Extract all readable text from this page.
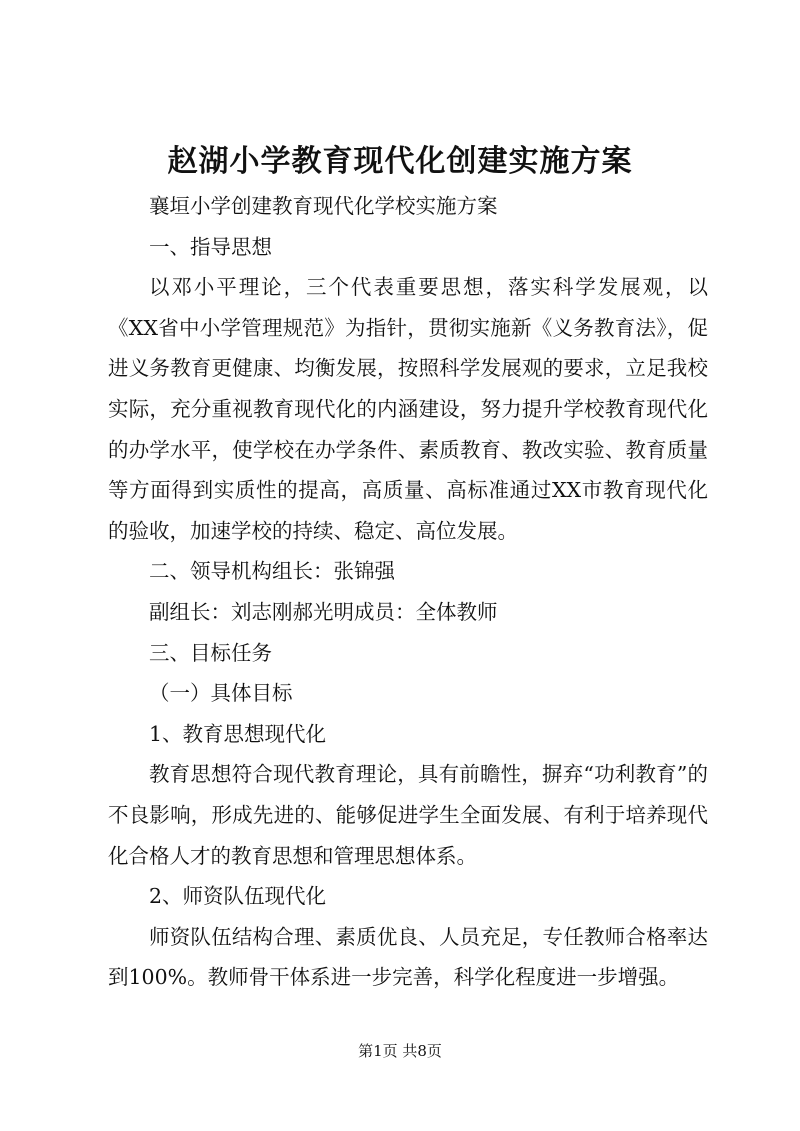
赵湖小学教育现代化创建实施方案

襄垣小学创建教育现代化学校实施方案

一、指导思想

以邓小平理论，三个代表重要思想，落实科学发展观，以《XX省中小学管理规范》为指针，贯彻实施新《义务教育法》，促进义务教育更健康、均衡发展，按照科学发展观的要求，立足我校实际，充分重视教育现代化的内涵建设，努力提升学校教育现代化的办学水平，使学校在办学条件、素质教育、教改实验、教育质量等方面得到实质性的提高，高质量、高标准通过XX市教育现代化的验收，加速学校的持续、稳定、高位发展。

二、领导机构组长：张锦强

副组长：刘志刚郝光明成员：全体教师

三、目标任务

（一）具体目标

1、教育思想现代化

教育思想符合现代教育理论，具有前瞻性，摒弃“功利教育”的不良影响，形成先进的、能够促进学生全面发展、有利于培养现代化合格人才的教育思想和管理思想体系。

2、师资队伍现代化

师资队伍结构合理、素质优良、人员充足，专任教师合格率达到100%。教师骨干体系进一步完善，科学化程度进一步增强。

第1页 共8页
